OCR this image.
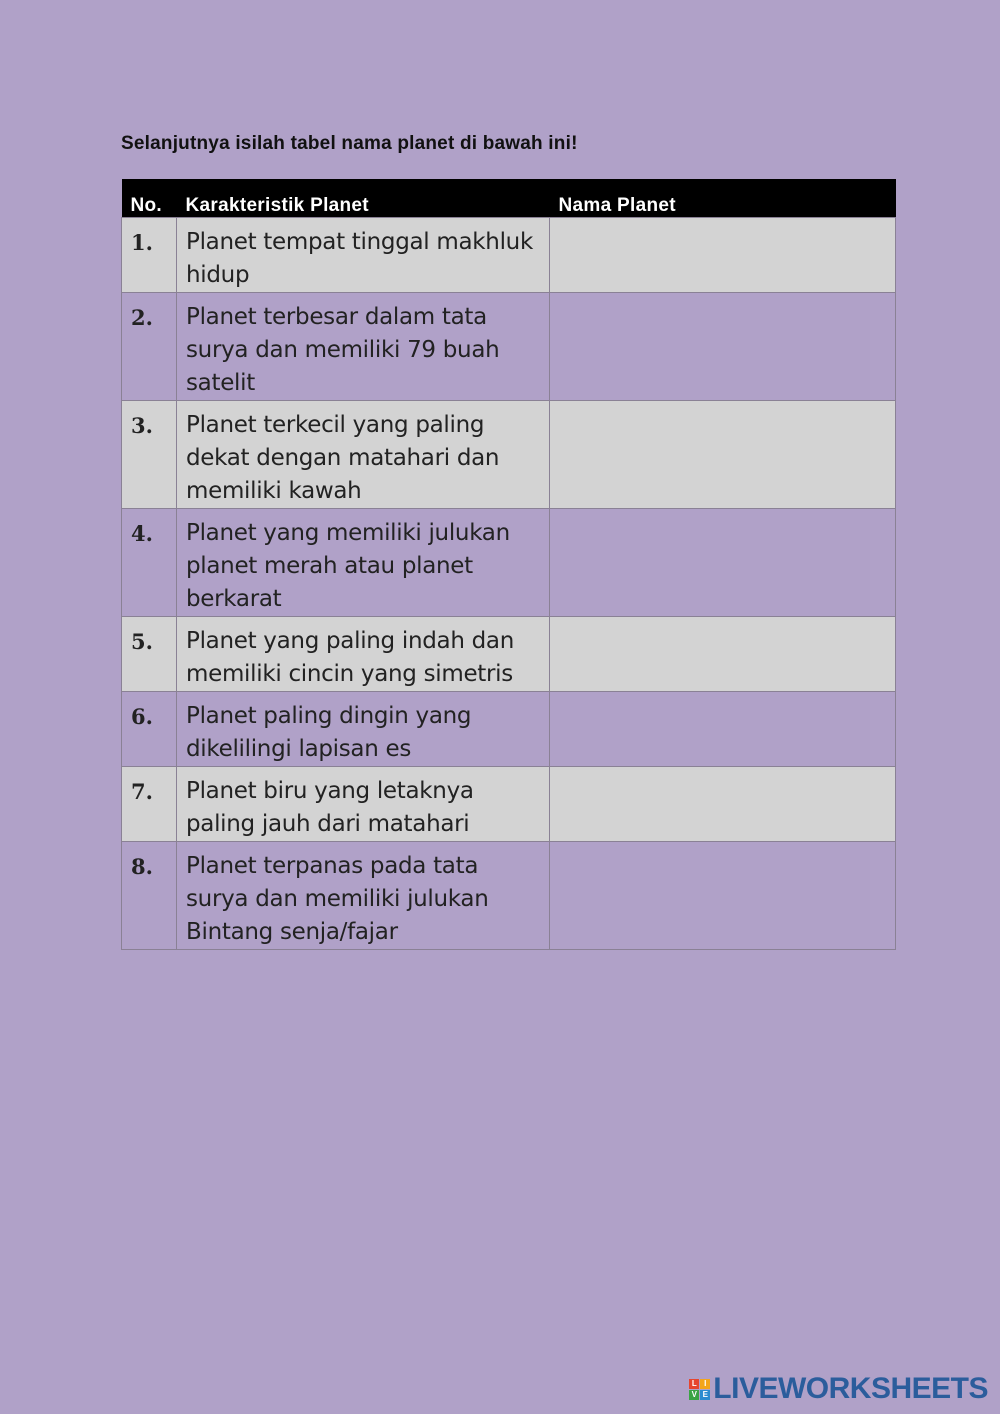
Selanjutnya isilah tabel nama planet di bawah ini!

No.	Karakteristik Planet	Nama Planet
1.	Planet tempat tinggal makhluk
hidup	
2.	Planet terbesar dalam tata
surya dan memiliki 79 buah
satelit	
3.	Planet terkecil yang paling
dekat dengan matahari dan
memiliki kawah	
4.	Planet yang memiliki julukan
planet merah atau planet
berkarat	
5.	Planet yang paling indah dan
memiliki cincin yang simetris	
6.	Planet paling dingin yang
dikelilingi lapisan es	
7.	Planet biru yang letaknya
paling jauh dari matahari	
8.	Planet terpanas pada tata
surya dan memiliki julukan
Bintang senja/fajar	
L I
V E LIVEWORKSHEETS
